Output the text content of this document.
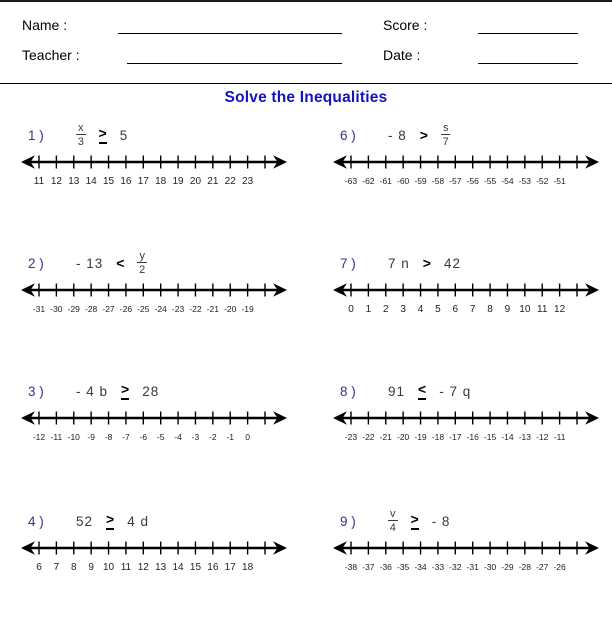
Name :	Score :
Teacher :	Date :
Solve the Inequalities
1 )	$\frac{x}{3} > 5$
11 12 13 14 15 16 17 18 19 20 21 22 23
2 )	- $13 < \frac{y}{2}$
-31 -30 -29 -28 -27 -26 -25 -24 -23 -22 -21 -20 -19
3 )	- 4 b > 28
-12 -11 -10 -9 -8 -7 -6 -5 -4 -3 -2 -1 0
4 )	52 > 4 d
6 7 8 9 10 11 12 13 14 15 16 17 18
6 )	- $8 > \frac{s}{7}$
-63 -62 -61 -60 -59 -58 -57 -56 -55 -54 -53 -52 -51
7 )	7 n > 42
0 1 2 3 4 5 6 7 8 9 10 11 12
8 )	91 < - 7 q
-23 -22 -21 -20 -19 -18 -17 -16 -15 -14 -13 -12 -11
9 )	$\frac{v}{4}$ > - 8
-38 -37 -36 -35 -34 -33 -32 -31 -30 -29 -28 -27 -26
